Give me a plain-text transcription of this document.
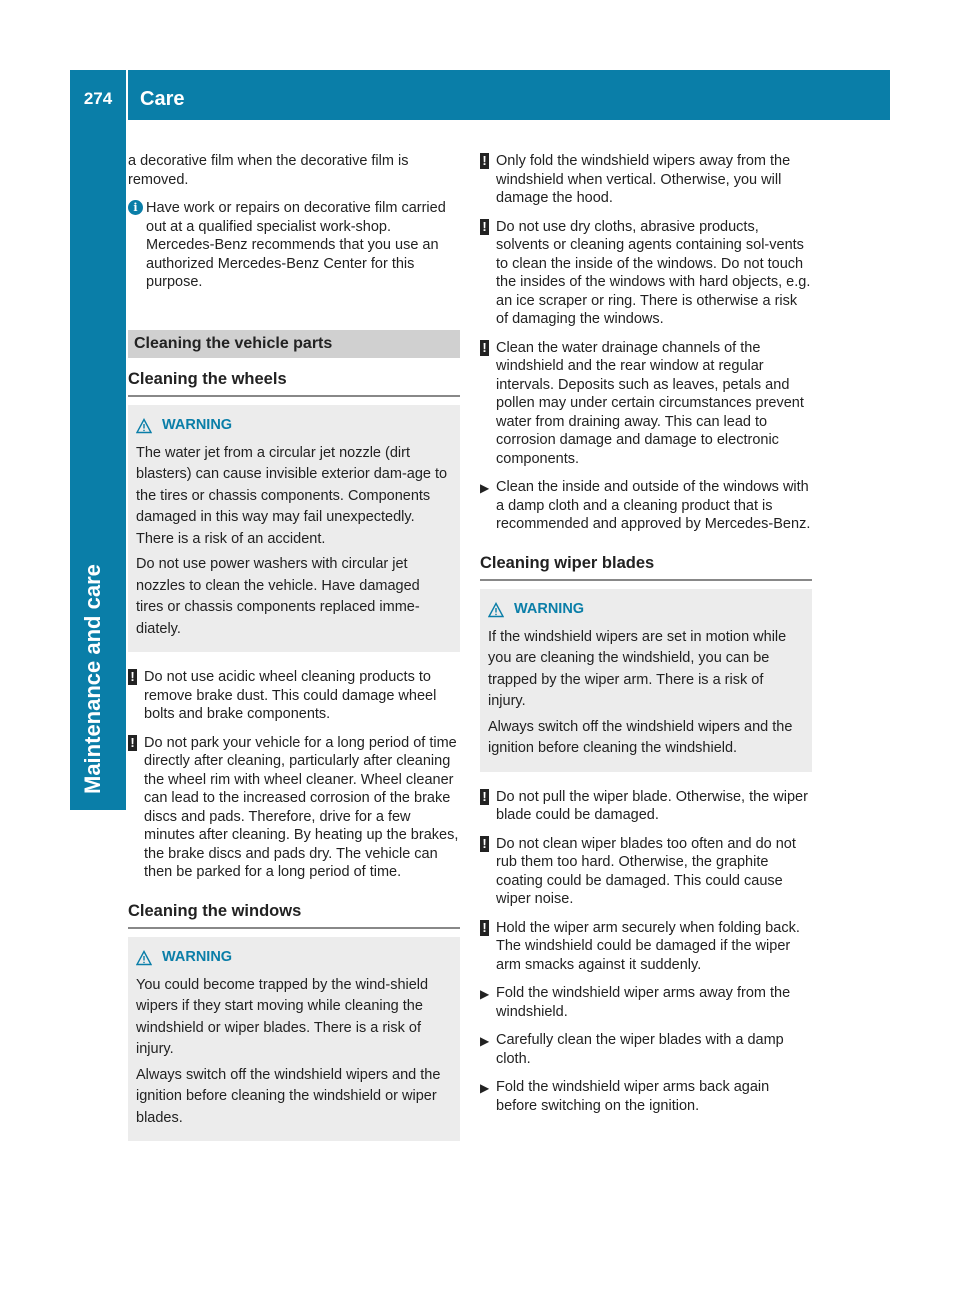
274	Care
Maintenance and care

a decorative film when the decorative film is removed.

i Have work or repairs on decorative film carried out at a qualified specialist work-shop. Mercedes-Benz recommends that you use an authorized Mercedes-Benz Center for this purpose.
Cleaning the vehicle parts
Cleaning the wheels
WARNING

The water jet from a circular jet nozzle (dirt blasters) can cause invisible exterior dam-age to the tires or chassis components. Components damaged in this way may fail unexpectedly. There is a risk of an accident.

Do not use power washers with circular jet nozzles to clean the vehicle. Have damaged tires or chassis components replaced imme-diately.

! Do not use acidic wheel cleaning products to remove brake dust. This could damage wheel bolts and brake components.
! Do not park your vehicle for a long period of time directly after cleaning, particularly after cleaning the wheel rim with wheel cleaner. Wheel cleaner can lead to the increased corrosion of the brake discs and pads. Therefore, drive for a few minutes after cleaning. By heating up the brakes, the brake discs and pads dry. The vehicle can then be parked for a long period of time.
Cleaning the windows
WARNING

You could become trapped by the wind-shield wipers if they start moving while cleaning the windshield or wiper blades. There is a risk of injury.

Always switch off the windshield wipers and the ignition before cleaning the windshield or wiper blades.

! Only fold the windshield wipers away from the windshield when vertical. Otherwise, you will damage the hood.
! Do not use dry cloths, abrasive products, solvents or cleaning agents containing sol-vents to clean the inside of the windows. Do not touch the insides of the windows with hard objects, e.g. an ice scraper or ring. There is otherwise a risk of damaging the windows.
! Clean the water drainage channels of the windshield and the rear window at regular intervals. Deposits such as leaves, petals and pollen may under certain circumstances prevent water from draining away. This can lead to corrosion damage and damage to electronic components.
▶ Clean the inside and outside of the windows with a damp cloth and a cleaning product that is recommended and approved by Mercedes-Benz.
Cleaning wiper blades
WARNING

If the windshield wipers are set in motion while you are cleaning the windshield, you can be trapped by the wiper arm. There is a risk of injury.

Always switch off the windshield wipers and the ignition before cleaning the windshield.

! Do not pull the wiper blade. Otherwise, the wiper blade could be damaged.
! Do not clean wiper blades too often and do not rub them too hard. Otherwise, the graphite coating could be damaged. This could cause wiper noise.
! Hold the wiper arm securely when folding back. The windshield could be damaged if the wiper arm smacks against it suddenly.
▶ Fold the windshield wiper arms away from the windshield.
▶ Carefully clean the wiper blades with a damp cloth.
▶ Fold the windshield wiper arms back again before switching on the ignition.
